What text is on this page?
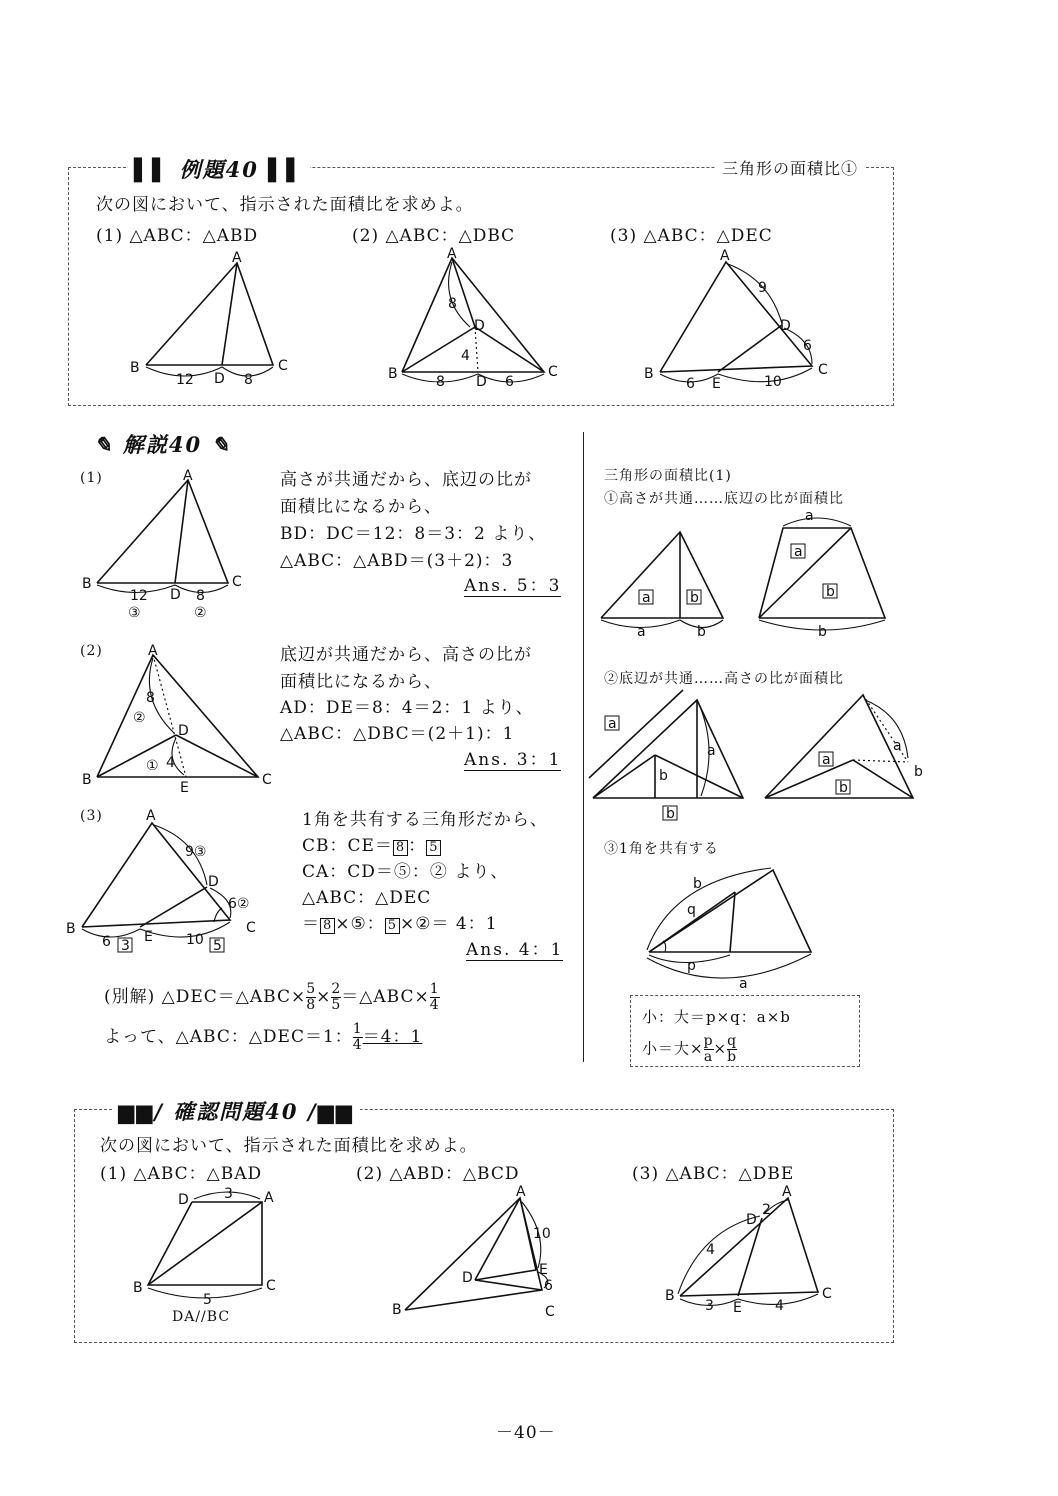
▌▌ 例題40 ▌▌	三角形の面積比①
次の図において、指示された面積比を求めよ。
(1) △ABC：△ABD	(2) △ABC：△DBC	(3) △ABC：△DEC
A
B	C
D
12	8
A
B	C
D
D
8
4
8	6
A
B	C
D
E
9
6
6	10
✎ 解説40 ✎
(1)	高さが共通だから、底辺の比が
面積比になるから、
BD：DC＝12：8＝3：2 より、
△ABC：△ABD＝(3＋2)：3
Ans. 5：3
(2)	底辺が共通だから、高さの比が
面積比になるから、
AD：DE＝8：4＝2：1 より、
△ABC：△DBC＝(2＋1)：1
Ans. 3：1
(3)	1角を共有する三角形だから、
CB：CE＝ 8 ： 5
CA：CD＝⑤：② より、
△ABC：△DEC
＝ 8 ×⑤： 5 ×②＝ 4：1
Ans. 4：1
(別解) △DEC＝△ABC× $\frac{5}{8} \times \frac{2}{5}$ ＝△ABC× $\frac{1}{4}$
よって、△ABC：△DEC＝1： $\frac{1}{4} =4$：1
A
B	C
D
12	8
③	②
A
B	C
D
E
8
②
① 4
A
B	C
D
E
9③
6②
6	10
3	5
三角形の面積比(1)
①高さが共通……底辺の比が面積比
②底辺が共通……高さの比が面積比
③1角を共有する
a	b
a	b
a
b
a
b
a
b
a
b
a
b
a
b
b
q
p
a
小：大＝p×q：a×b
小＝大× $\frac{p}{a} \times \frac{q}{b}$
▆▆/ 確認問題40 /▆▆
次の図において、指示された面積比を求めよ。
(1) △ABC：△BAD	(2) △ABD：△BCD	(3) △ABC：△DBE
DA//BC
D	A
B	C
3
5
A
B	C
D	E
10
6
A
B	C
D
E
4
2
3	4
－40－
